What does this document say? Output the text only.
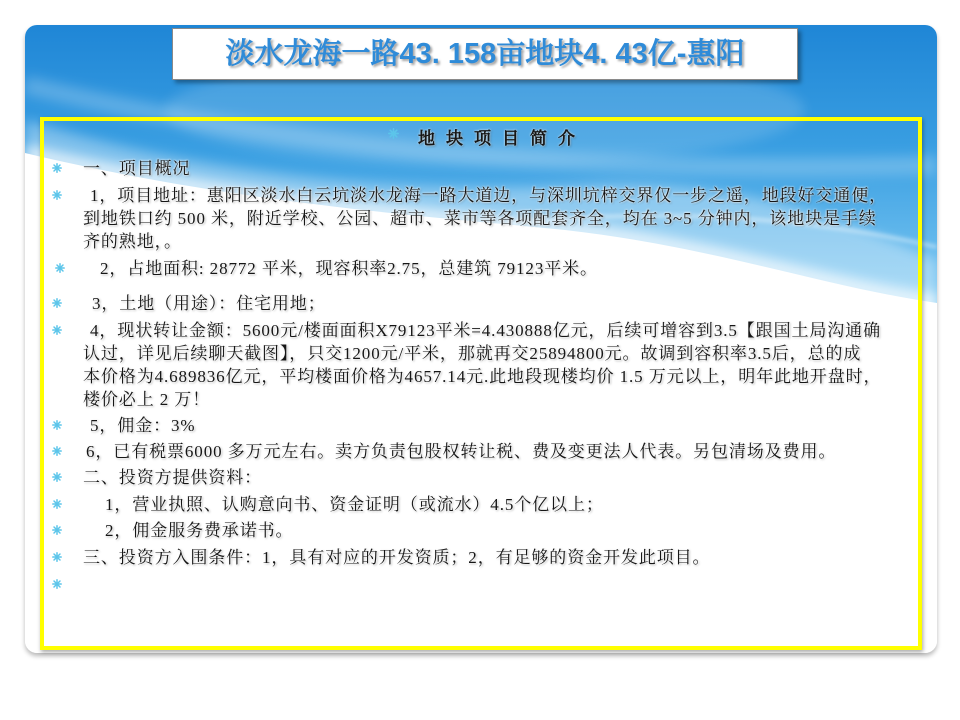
淡水龙海一路43. 158亩地块4. 43亿-惠阳
地块项目简介
一、项目概况
1，项目地址：惠阳区淡水白云坑淡水龙海一路大道边，与深圳坑梓交界仅一步之遥，地段好交通便，
到地铁口约 500 米，附近学校、公园、超市、菜市等各项配套齐全，均在 3~5 分钟内，该地块是手续
齐的熟地，。
2，占地面积: 28772 平米，现容积率2.75，总建筑 79123平米。
3，土地（用途）：住宅用地；
4，现状转让金额：5600元/楼面面积X79123平米=4.430888亿元，后续可增容到3.5【跟国土局沟通确
认过，详见后续聊天截图】，只交1200元/平米，那就再交25894800元。故调到容积率3.5后，总的成
本价格为4.689836亿元，平均楼面价格为4657.14元.此地段现楼均价 1.5 万元以上，明年此地开盘时，
楼价必上 2 万！
5，佣金：3%
6，已有税票6000 多万元左右。卖方负责包股权转让税、费及变更法人代表。另包清场及费用。
二、投资方提供资料：
1，营业执照、认购意向书、资金证明（或流水）4.5个亿以上；
2，佣金服务费承诺书。
三、投资方入围条件：1，具有对应的开发资质；2，有足够的资金开发此项目。
